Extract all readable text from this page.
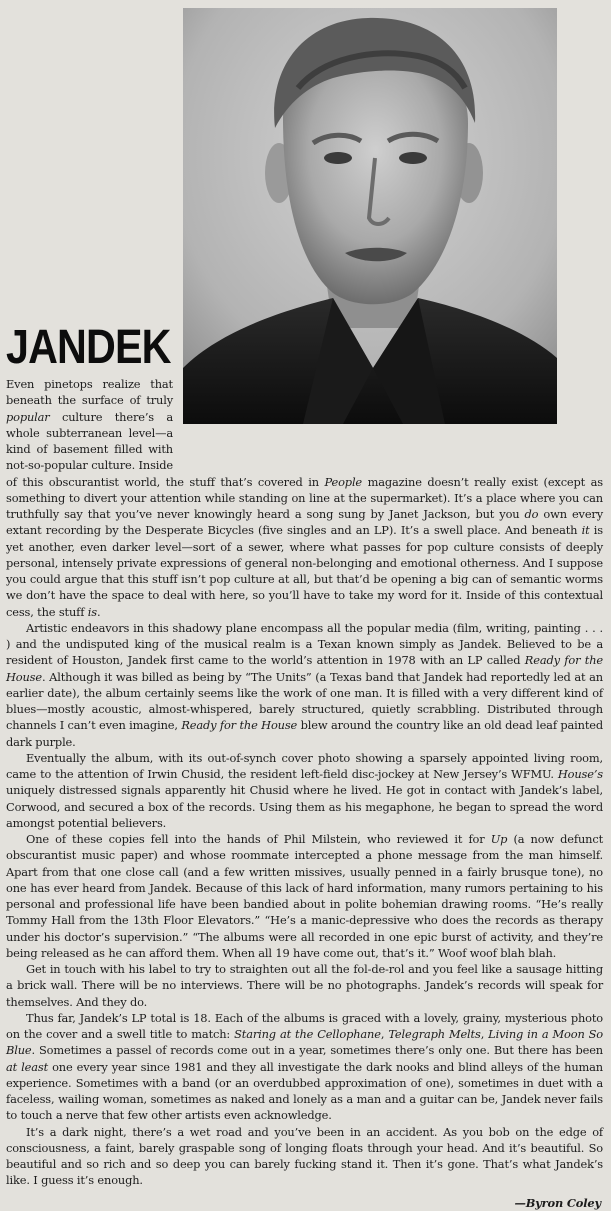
JANDEK

Even pinetops realize that beneath the surface of truly popular culture there’s a whole subterranean level—a kind of basement filled with not-so-popular culture. Inside of this obscurantist world, the stuff that’s covered in People magazine doesn’t really exist (except as something to divert your attention while standing on line at the supermarket). It’s a place where you can truthfully say that you’ve never knowingly heard a song sung by Janet Jackson, but you do own every extant recording by the Desperate Bicycles (five singles and an LP). It’s a swell place. And beneath it is yet another, even darker level—sort of a sewer, where what passes for pop culture consists of deeply personal, intensely private expressions of general non-belonging and emotional otherness. And I suppose you could argue that this stuff isn’t pop culture at all, but that’d be opening a big can of semantic worms we don’t have the space to deal with here, so you’ll have to take my word for it. Inside of this contextual cess, the stuff is.

Artistic endeavors in this shadowy plane encompass all the popular media (film, writing, painting . . . ) and the undisputed king of the musical realm is a Texan known simply as Jandek. Believed to be a resident of Houston, Jandek first came to the world’s attention in 1978 with an LP called Ready for the House. Although it was billed as being by “The Units” (a Texas band that Jandek had reportedly led at an earlier date), the album certainly seems like the work of one man. It is filled with a very different kind of blues—mostly acoustic, almost-whispered, barely structured, quietly scrabbling. Distributed through channels I can’t even imagine, Ready for the House blew around the country like an old dead leaf painted dark purple.

Eventually the album, with its out-of-synch cover photo showing a sparsely appointed living room, came to the attention of Irwin Chusid, the resident left-field disc-jockey at New Jersey’s WFMU. House’s uniquely distressed signals apparently hit Chusid where he lived. He got in contact with Jandek’s label, Corwood, and secured a box of the records. Using them as his megaphone, he began to spread the word amongst potential believers.

One of these copies fell into the hands of Phil Milstein, who reviewed it for Up (a now defunct obscurantist music paper) and whose roommate intercepted a phone message from the man himself. Apart from that one close call (and a few written missives, usually penned in a fairly brusque tone), no one has ever heard from Jandek. Because of this lack of hard information, many rumors pertaining to his personal and professional life have been bandied about in polite bohemian drawing rooms. “He’s really Tommy Hall from the 13th Floor Elevators.” “He’s a manic-depressive who does the records as therapy under his doctor’s supervision.” “The albums were all recorded in one epic burst of activity, and they’re being released as he can afford them. When all 19 have come out, that’s it.” Woof woof blah blah.

Get in touch with his label to try to straighten out all the fol-de-rol and you feel like a sausage hitting a brick wall. There will be no interviews. There will be no photographs. Jandek’s records will speak for themselves. And they do.

Thus far, Jandek’s LP total is 18. Each of the albums is graced with a lovely, grainy, mysterious photo on the cover and a swell title to match: Staring at the Cellophane, Telegraph Melts, Living in a Moon So Blue. Sometimes a passel of records come out in a year, sometimes there’s only one. But there has been at least one every year since 1981 and they all investigate the dark nooks and blind alleys of the human experience. Sometimes with a band (or an overdubbed approximation of one), sometimes in duet with a faceless, wailing woman, sometimes as naked and lonely as a man and a guitar can be, Jandek never fails to touch a nerve that few other artists even acknowledge.

It’s a dark night, there’s a wet road and you’ve been in an accident. As you bob on the edge of consciousness, a faint, barely graspable song of longing floats through your head. And it’s beautiful. So beautiful and so rich and so deep you can barely fucking stand it. Then it’s gone. That’s what Jandek’s like. I guess it’s enough.

—Byron Coley
